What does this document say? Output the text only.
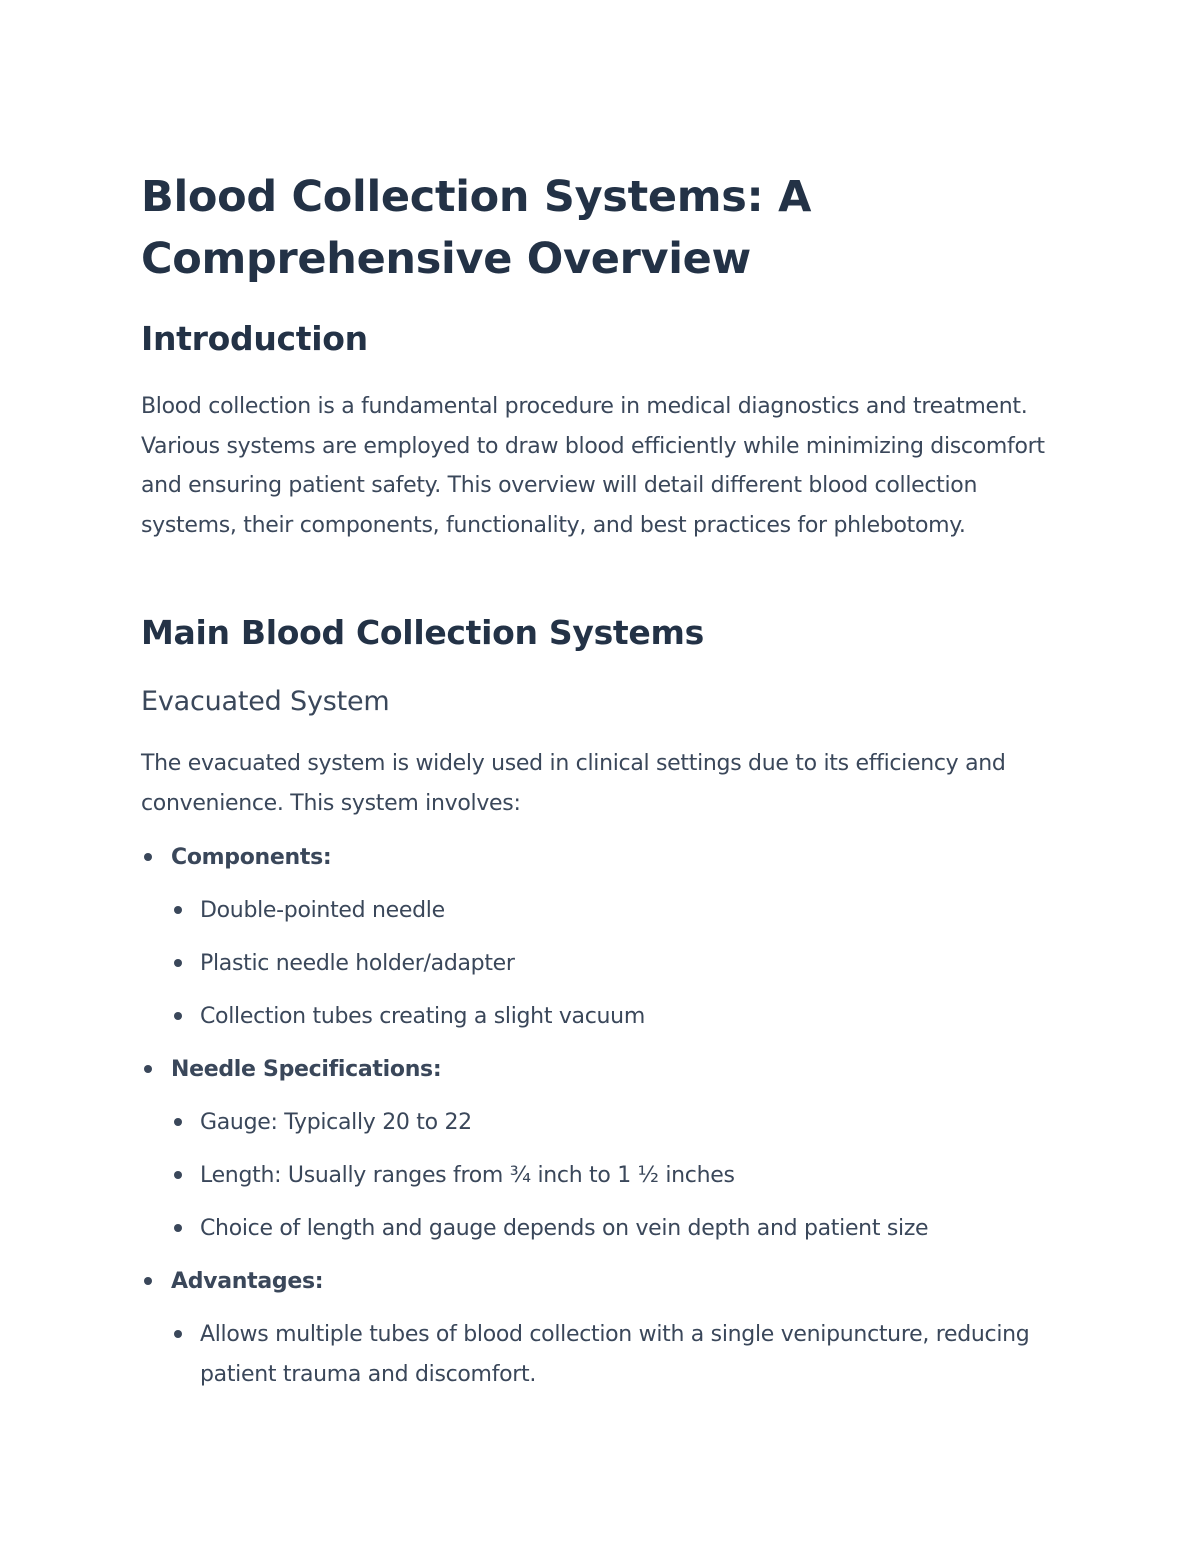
Blood Collection Systems: A Comprehensive Overview
Introduction

Blood collection is a fundamental procedure in medical diagnostics and treatment. Various systems are employed to draw blood efficiently while minimizing discomfort and ensuring patient safety. This overview will detail different blood collection systems, their components, functionality, and best practices for phlebotomy.

Main Blood Collection Systems
Evacuated System

The evacuated system is widely used in clinical settings due to its efficiency and convenience. This system involves:

Components:
Double-pointed needle
Plastic needle holder/adapter
Collection tubes creating a slight vacuum
Needle Specifications:
Gauge: Typically 20 to 22
Length: Usually ranges from ¾ inch to 1 ½ inches
Choice of length and gauge depends on vein depth and patient size
Advantages:
Allows multiple tubes of blood collection with a single venipuncture, reducing patient trauma and discomfort.
